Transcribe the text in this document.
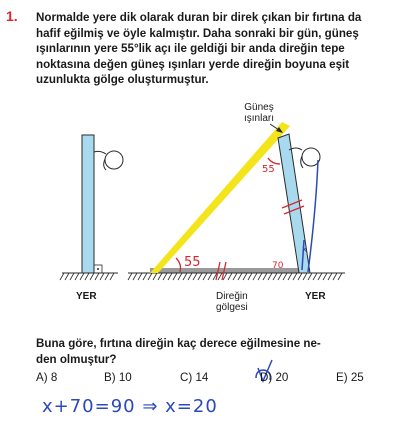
1. Normalde yere dik olarak duran bir direk çıkan bir fırtına da
hafif eğilmiş ve öyle kalmıştır. Daha sonraki bir gün, güneş
ışınlarının yere 55°lik açı ile geldiği bir anda direğin tepe
noktasına değen güneş ışınları yerde direğin boyuna eşit
uzunlukta gölge oluşturmuştur.
55
55
70
x
Güneş
ışınları
YER	YER
Direğin
gölgesi
Buna göre, fırtına direğin kaç derece eğilmesine ne-
den olmuştur?
A) 8	B) 10	C) 14	D) 20	E) 25
x+70=90 ⇒ x=20
